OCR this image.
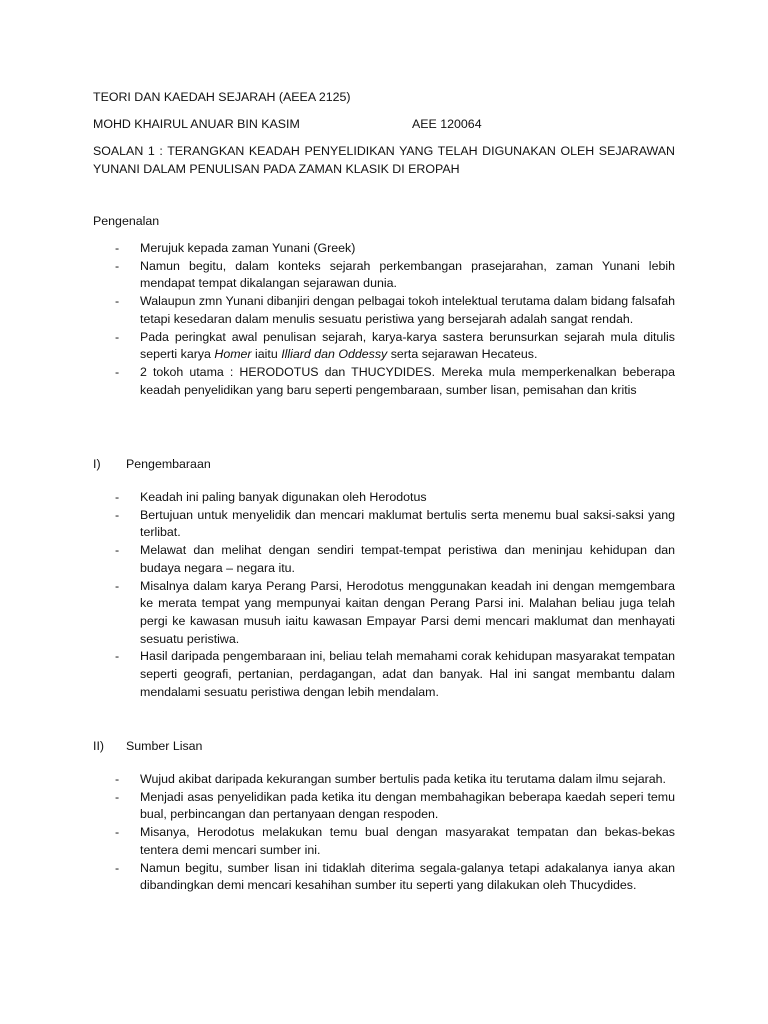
TEORI DAN KAEDAH SEJARAH (AEEA 2125)
MOHD KHAIRUL ANUAR BIN KASIM	AEE 120064
SOALAN 1 : TERANGKAN KEADAH PENYELIDIKAN YANG TELAH DIGUNAKAN OLEH SEJARAWAN YUNANI DALAM PENULISAN PADA ZAMAN KLASIK DI EROPAH
Pengenalan
- Merujuk kepada zaman Yunani (Greek)
- Namun begitu, dalam konteks sejarah perkembangan prasejarahan, zaman Yunani lebih mendapat tempat dikalangan sejarawan dunia.
- Walaupun zmn Yunani dibanjiri dengan pelbagai tokoh intelektual terutama dalam bidang falsafah tetapi kesedaran dalam menulis sesuatu peristiwa yang bersejarah adalah sangat rendah.
- Pada peringkat awal penulisan sejarah, karya-karya sastera berunsurkan sejarah mula ditulis seperti karya Homer iaitu Illiard dan Oddessy serta sejarawan Hecateus.
- 2 tokoh utama : HERODOTUS dan THUCYDIDES. Mereka mula memperkenalkan beberapa keadah penyelidikan yang baru seperti pengembaraan, sumber lisan, pemisahan dan kritis
I) Pengembaraan
- Keadah ini paling banyak digunakan oleh Herodotus
- Bertujuan untuk menyelidik dan mencari maklumat bertulis serta menemu bual saksi-saksi yang terlibat.
- Melawat dan melihat dengan sendiri tempat-tempat peristiwa dan meninjau kehidupan dan budaya negara – negara itu.
- Misalnya dalam karya Perang Parsi, Herodotus menggunakan keadah ini dengan memgembara ke merata tempat yang mempunyai kaitan dengan Perang Parsi ini. Malahan beliau juga telah pergi ke kawasan musuh iaitu kawasan Empayar Parsi demi mencari maklumat dan menhayati sesuatu peristiwa.
- Hasil daripada pengembaraan ini, beliau telah memahami corak kehidupan masyarakat tempatan seperti geografi, pertanian, perdagangan, adat dan banyak. Hal ini sangat membantu dalam mendalami sesuatu peristiwa dengan lebih mendalam.
II) Sumber Lisan
- Wujud akibat daripada kekurangan sumber bertulis pada ketika itu terutama dalam ilmu sejarah.
- Menjadi asas penyelidikan pada ketika itu dengan membahagikan beberapa kaedah seperi temu bual, perbincangan dan pertanyaan dengan respoden.
- Misanya, Herodotus melakukan temu bual dengan masyarakat tempatan dan bekas-bekas tentera demi mencari sumber ini.
- Namun begitu, sumber lisan ini tidaklah diterima segala-galanya tetapi adakalanya ianya akan dibandingkan demi mencari kesahihan sumber itu seperti yang dilakukan oleh Thucydides.
